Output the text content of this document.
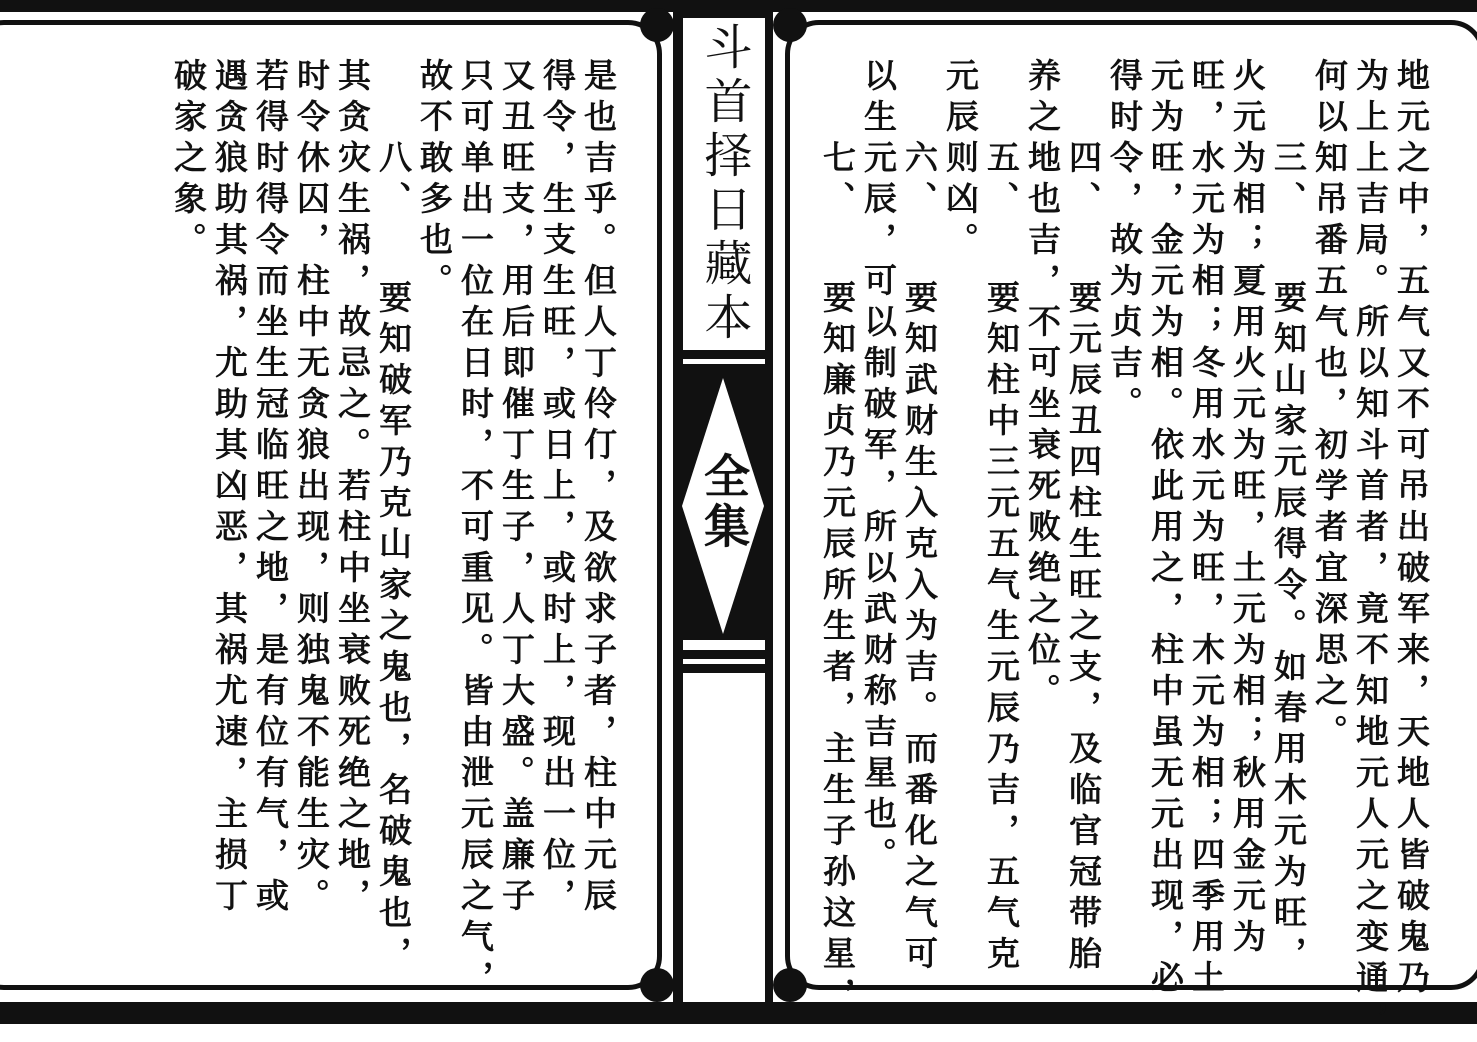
斗首择日藏本
全集
是也吉乎。但人丁伶仃，及欲求子者，柱中元辰
得令，生支生旺，或日上，或时上，现出一位，
又丑旺支，用后即催丁生子，人丁大盛。盖廉子
只可单出一位在日时，不可重见。皆由泄元辰之气，
故不敢多也。
八、
要知破军乃克山家之鬼也，名破鬼也，
其贪灾生祸，故忌之。若柱中坐衰败死绝之地，
时令休囚，柱中无贪狼出现，则独鬼不能生灾。
若得时得令而坐生冠临旺之地，是有位有气，或
遇贪狼助其祸，尤助其凶恶，其祸尤速，主损丁
破家之象。	地元之中，五气又不可吊出破军来，天地人皆破鬼乃
为上上吉局。所以知斗首者，竟不知地元人元之变通，
何以知吊番五气也，初学者宜深思之。
三、
要知山家元辰得令。如春用木元为旺，
火元为相；夏用火元为旺，土元为相；秋用金元为
旺，水元为相；冬用水元为旺，木元为相；四季用土
元为旺，金元为相。依此用之，柱中虽无元出现，必
得时令，故为贞吉。
四、
要元辰丑四柱生旺之支，及临官冠带胎
养之地也吉，不可坐衰死败绝之位。
五、
要知柱中三元五气生元辰乃吉，五气克
元辰则凶。
六、
要知武财生入克入为吉。而番化之气可
以生元辰，可以制破军，所以武财称吉星也。
七、
要知廉贞乃元辰所生者，主生子孙这星，
